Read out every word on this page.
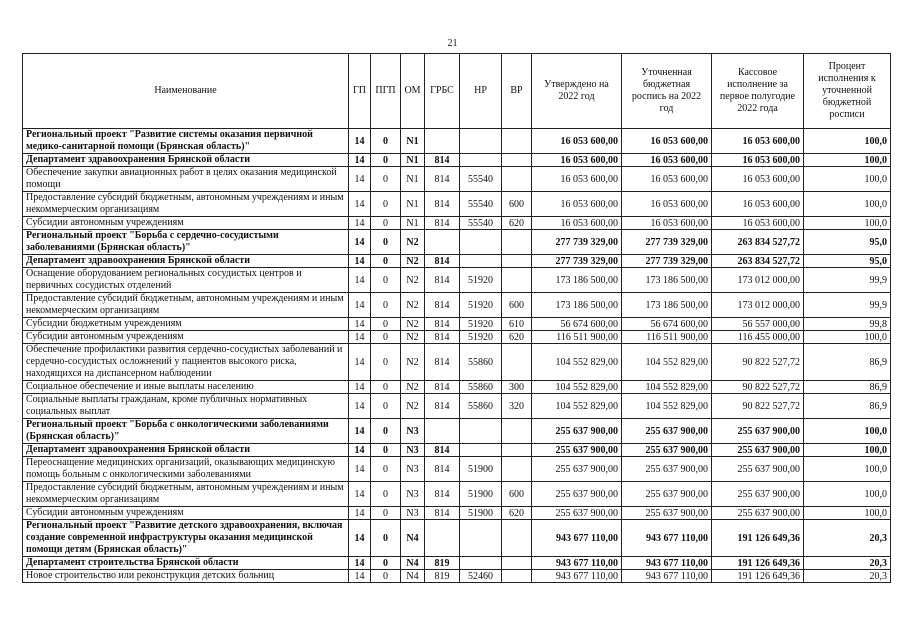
21
Наименование	ГП	ПГП	ОМ	ГРБС	НР	ВР	Утверждено на 2022 год	Уточненная бюджетная роспись на 2022 год	Кассовое исполнение за первое полугодие 2022 года	Процент исполнения к уточненной бюджетной росписи
Региональный проект "Развитие системы оказания первичной медико-санитарной помощи (Брянская область)"	14	0	N1				16 053 600,00	16 053 600,00	16 053 600,00	100,0
Департамент здравоохранения Брянской области	14	0	N1	814			16 053 600,00	16 053 600,00	16 053 600,00	100,0
Обеспечение закупки авиационных работ в целях оказания медицинской помощи	14	0	N1	814	55540		16 053 600,00	16 053 600,00	16 053 600,00	100,0
Предоставление субсидий бюджетным, автономным учреждениям и иным некоммерческим организациям	14	0	N1	814	55540	600	16 053 600,00	16 053 600,00	16 053 600,00	100,0
Субсидии автономным учреждениям	14	0	N1	814	55540	620	16 053 600,00	16 053 600,00	16 053 600,00	100,0
Региональный проект "Борьба с сердечно-сосудистыми заболеваниями (Брянская область)"	14	0	N2				277 739 329,00	277 739 329,00	263 834 527,72	95,0
Департамент здравоохранения Брянской области	14	0	N2	814			277 739 329,00	277 739 329,00	263 834 527,72	95,0
Оснащение оборудованием региональных сосудистых центров и первичных сосудистых отделений	14	0	N2	814	51920		173 186 500,00	173 186 500,00	173 012 000,00	99,9
Предоставление субсидий бюджетным, автономным учреждениям и иным некоммерческим организациям	14	0	N2	814	51920	600	173 186 500,00	173 186 500,00	173 012 000,00	99,9
Субсидии бюджетным учреждениям	14	0	N2	814	51920	610	56 674 600,00	56 674 600,00	56 557 000,00	99,8
Субсидии автономным учреждениям	14	0	N2	814	51920	620	116 511 900,00	116 511 900,00	116 455 000,00	100,0
Обеспечение профилактики развития сердечно-сосудистых заболеваний и сердечно-сосудистых осложнений у пациентов высокого риска, находящихся на диспансерном наблюдении	14	0	N2	814	55860		104 552 829,00	104 552 829,00	90 822 527,72	86,9
Социальное обеспечение и иные выплаты населению	14	0	N2	814	55860	300	104 552 829,00	104 552 829,00	90 822 527,72	86,9
Социальные выплаты гражданам, кроме публичных нормативных социальных выплат	14	0	N2	814	55860	320	104 552 829,00	104 552 829,00	90 822 527,72	86,9
Региональный проект "Борьба с онкологическими заболеваниями (Брянская область)"	14	0	N3				255 637 900,00	255 637 900,00	255 637 900,00	100,0
Департамент здравоохранения Брянской области	14	0	N3	814			255 637 900,00	255 637 900,00	255 637 900,00	100,0
Переоснащение медицинских организаций, оказывающих медицинскую помощь больным с онкологическими заболеваниями	14	0	N3	814	51900		255 637 900,00	255 637 900,00	255 637 900,00	100,0
Предоставление субсидий бюджетным, автономным учреждениям и иным некоммерческим организациям	14	0	N3	814	51900	600	255 637 900,00	255 637 900,00	255 637 900,00	100,0
Субсидии автономным учреждениям	14	0	N3	814	51900	620	255 637 900,00	255 637 900,00	255 637 900,00	100,0
Региональный проект "Развитие детского здравоохранения, включая создание современной инфраструктуры оказания медицинской помощи детям (Брянская область)"	14	0	N4				943 677 110,00	943 677 110,00	191 126 649,36	20,3
Департамент строительства Брянской области	14	0	N4	819			943 677 110,00	943 677 110,00	191 126 649,36	20,3
Новое строительство или реконструкция детских больниц	14	0	N4	819	52460		943 677 110,00	943 677 110,00	191 126 649,36	20,3
